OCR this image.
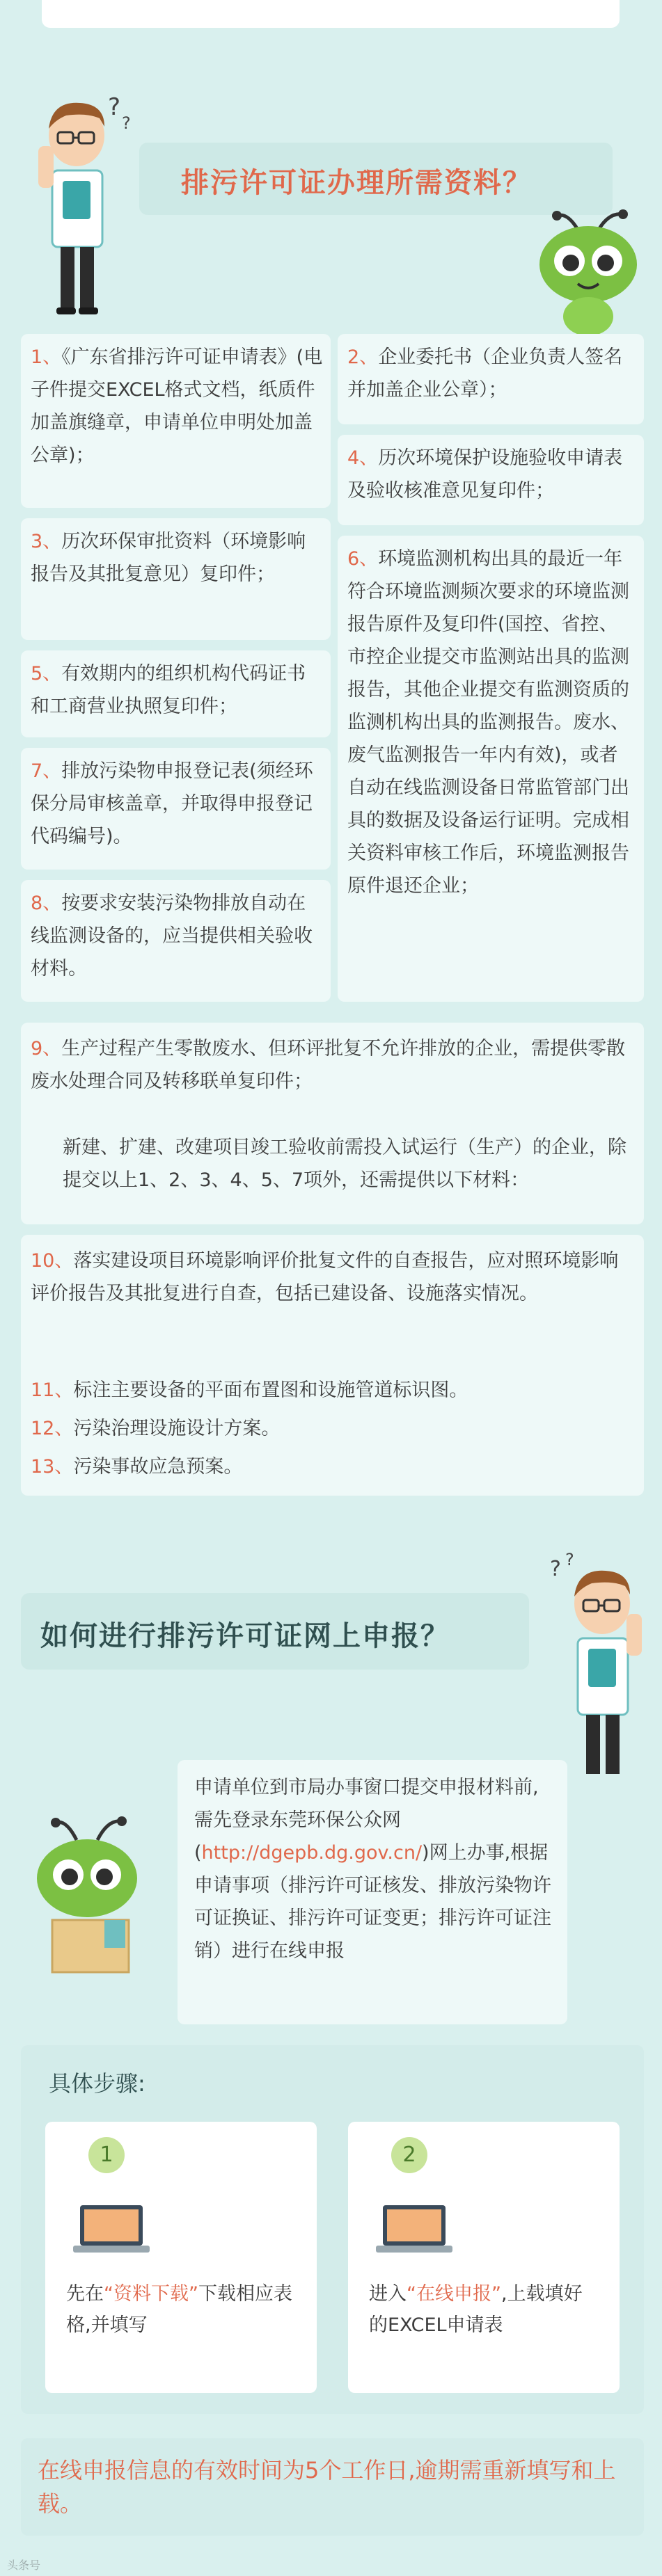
?
?
排污许可证办理所需资料？
1、《广东省排污许可证申请表》(电子件提交EXCEL格式文档，纸质件加盖旗缝章，申请单位申明处加盖公章)；
3、历次环保审批资料（环境影响报告及其批复意见）复印件；
5、有效期内的组织机构代码证书和工商营业执照复印件；
7、排放污染物申报登记表(须经环保分局审核盖章，并取得申报登记代码编号)。
8、按要求安装污染物排放自动在线监测设备的，应当提供相关验收材料。
2、企业委托书（企业负责人签名并加盖企业公章）；
4、历次环境保护设施验收申请表及验收核准意见复印件；
6、环境监测机构出具的最近一年符合环境监测频次要求的环境监测报告原件及复印件(国控、省控、市控企业提交市监测站出具的监测报告，其他企业提交有监测资质的监测机构出具的监测报告。废水、废气监测报告一年内有效)，或者自动在线监测设备日常监管部门出具的数据及设备运行证明。完成相关资料审核工作后，环境监测报告原件退还企业；
9、生产过程产生零散废水、但环评批复不允许排放的企业，需提供零散废水处理合同及转移联单复印件；
新建、扩建、改建项目竣工验收前需投入试运行（生产）的企业，除提交以上1、2、3、4、5、7项外，还需提供以下材料：
10、落实建设项目环境影响评价批复文件的自查报告，应对照环境影响评价报告及其批复进行自查，包括已建设备、设施落实情况。
11、标注主要设备的平面布置图和设施管道标识图。
12、污染治理设施设计方案。
13、污染事故应急预案。
如何进行排污许可证网上申报？
? ?
申请单位到市局办事窗口提交申报材料前,需先登录东莞环保公众网(http://dgepb.dg.gov.cn/)网上办事,根据申请事项（排污许可证核发、排放污染物许可证换证、排污许可证变更；排污许可证注销）进行在线申报
具体步骤:
1
先在“资料下载”下载相应表格,并填写
2
进入“在线申报”,上载填好的EXCEL申请表
在线申报信息的有效时间为5个工作日,逾期需重新填写和上载。
头条号
